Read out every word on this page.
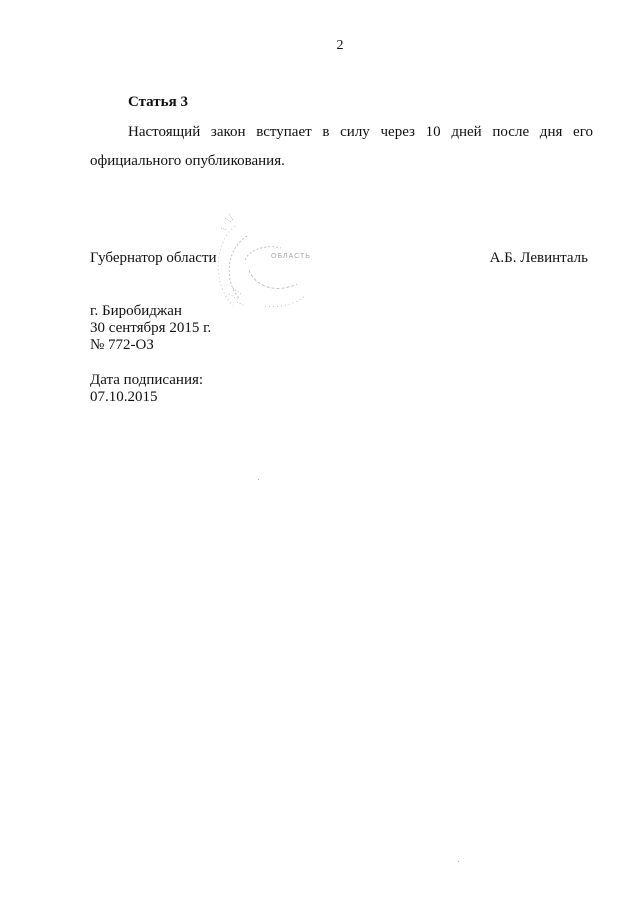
2
Статья 3
Настоящий закон вступает в силу через 10 дней после дня его официального опубликования.
ОБЛАСТЬ
Губернатор области	А.Б. Левинталь
г. Биробиджан
30 сентября 2015 г.
№ 772-ОЗ
Дата подписания:
07.10.2015
